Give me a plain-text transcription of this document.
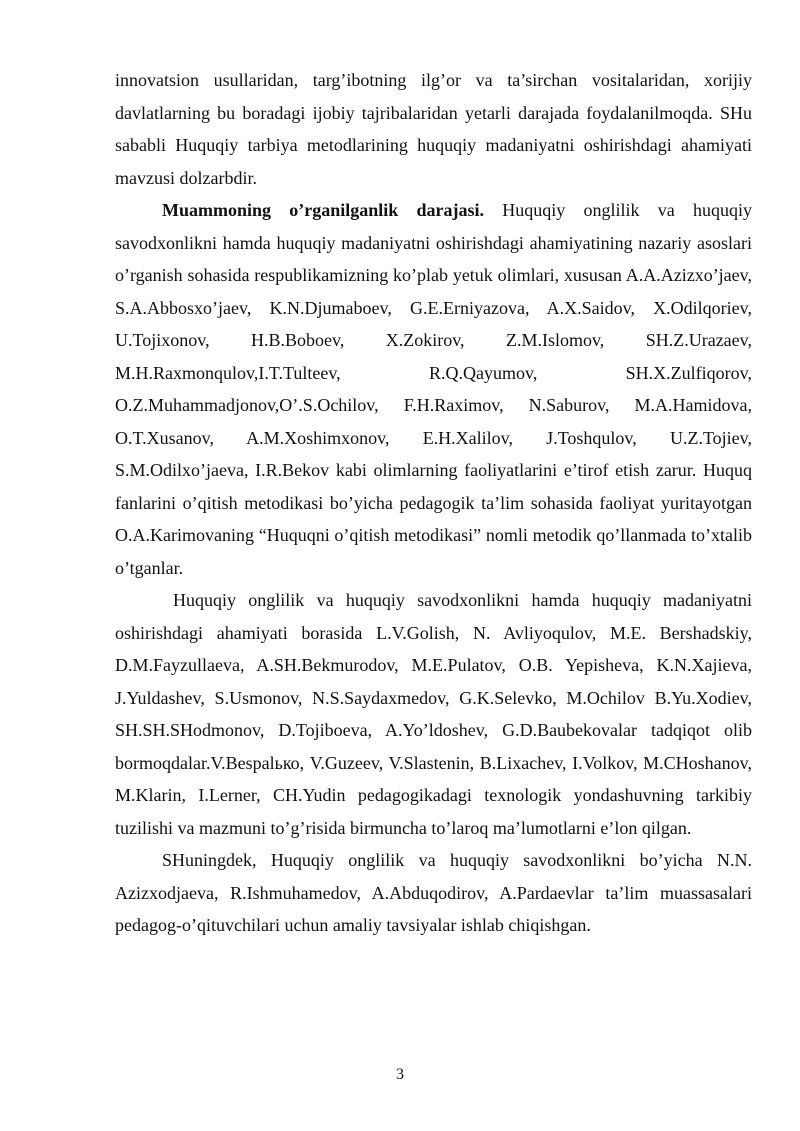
innovatsion usullaridan, targ’ibotning ilg’or va ta’sirchan vositalaridan, xorijiy davlatlarning bu boradagi ijobiy tajribalaridan yetarli darajada foydalanilmoqda. SHu sababli Huquqiy tarbiya metodlarining huquqiy madaniyatni oshirishdagi ahamiyati mavzusi dolzarbdir.

Muammoning o’rganilganlik darajasi. Huquqiy onglilik va huquqiy savodxonlikni hamda huquqiy madaniyatni oshirishdagi ahamiyatining nazariy asoslari o’rganish sohasida respublikamizning ko’plab yetuk olimlari, xususan A.A.Azizxo’jaev, S.A.Abbosxo’jaev, K.N.Djumaboev, G.E.Erniyazova, A.X.Saidov, X.Odilqoriev, U.Tojixonov, H.B.Boboev, X.Zokirov, Z.M.Islomov, SH.Z.Urazaev, M.H.Raxmonqulov,I.T.Tulteev, R.Q.Qayumov, SH.X.Zulfiqorov, O.Z.Muhammadjonov,O’.S.Ochilov, F.H.Raximov, N.Saburov, M.A.Hamidova, O.T.Xusanov, A.M.Xoshimxonov, E.H.Xalilov, J.Toshqulov, U.Z.Tojiev, S.M.Odilxo’jaeva, I.R.Bekov kabi olimlarning faoliyatlarini e’tirof etish zarur. Huquq fanlarini o’qitish metodikasi bo’yicha pedagogik ta’lim sohasida faoliyat yuritayotgan O.A.Karimovaning “Huquqni o’qitish metodikasi” nomli metodik qo’llanmada to’xtalib o’tganlar.

Huquqiy onglilik va huquqiy savodxonlikni hamda huquqiy madaniyatni oshirishdagi ahamiyati borasida L.V.Golish, N. Avliyoqulov, M.E. Bershadskiy, D.M.Fayzullaeva, A.SH.Bekmurodov, M.E.Pulatov, O.B. Yepisheva, K.N.Xajieva, J.Yuldashev, S.Usmonov, N.S.Saydaxmedov, G.K.Selevko, M.Ochilov B.Yu.Xodiev, SH.SH.SHodmonov, D.Tojiboeva, A.Yo’ldoshev, G.D.Baubekovalar tadqiqot olib bormoqdalar.V.Bespalько, V.Guzeev, V.Slastenin, B.Lixachev, I.Volkov, M.CHoshanov, M.Klarin, I.Lerner, CH.Yudin pedagogikadagi texnologik yondashuvning tarkibiy tuzilishi va mazmuni to’g’risida birmuncha to’laroq ma’lumotlarni e’lon qilgan.

SHuningdek, Huquqiy onglilik va huquqiy savodxonlikni bo’yicha N.N. Azizxodjaeva, R.Ishmuhamedov, A.Abduqodirov, A.Pardaevlar ta’lim muassasalari pedagog-o’qituvchilari uchun amaliy tavsiyalar ishlab chiqishgan.

3
